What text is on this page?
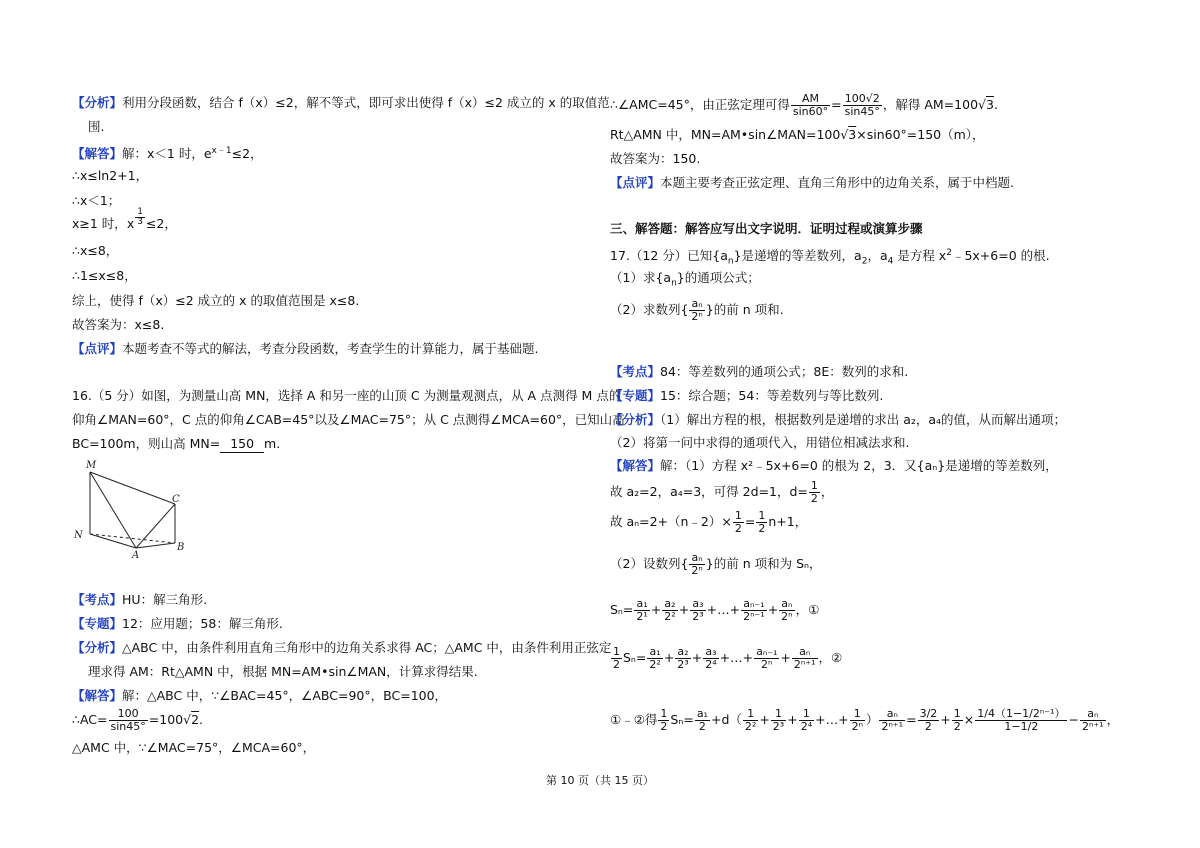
【分析】利用分段函数，结合 f（x）≤2，解不等式，即可求出使得 f（x）≤2 成立的 x 的取值范
围.
【解答】解：x＜1 时，$e^{x﹣1}\le 2$，
∴x≤ln2+1，
∴x＜1；
x≥1 时，x $\frac{1}{3} \le 2$，
∴x≤8，
∴1≤x≤8，
综上，使得 f（x）≤2 成立的 x 的取值范围是 x≤8.
故答案为：x≤8.
【点评】本题考查不等式的解法，考查分段函数，考查学生的计算能力，属于基础题.
16.（5 分）如图，为测量山高 MN，选择 A 和另一座的山顶 C 为测量观测点，从 A 点测得 M 点的
仰角∠MAN=60°，C 点的仰角∠CAB=45°以及∠MAC=75°；从 C 点测得∠MCA=60°，已知山高
BC=100m，则山高 MN= 150 m.
M
C
N
A
B
【考点】HU：解三角形.
【专题】12：应用题；58：解三角形.
【分析】△ABC 中，由条件利用直角三角形中的边角关系求得 AC；△AMC 中，由条件利用正弦定
理求得 AM：Rt△AMN 中，根据 MN=AM•sin∠MAN，计算求得结果.
【解答】解：△ABC 中，∵∠BAC=45°，∠ABC=90°，BC=100，
∴AC= $\frac{100}{\sin 45^\circ} =100√2$.
△AMC 中，∵∠MAC=75°，∠MCA=60°，
∴∠AMC=45°，由正弦定理可得 $\frac{AM}{\sin 60^\circ} = \frac{100√2}{\sin 45^\circ}$ ，解得 AM=100√3.
Rt△AMN 中，MN=AM•sin∠MAN=100√3×sin60°=150（m），
故答案为：150.
【点评】本题主要考查正弦定理、直角三角形中的边角关系，属于中档题.
三、解答题：解答应写出文字说明．证明过程或演算步骤
17.（12 分）已知$\{a_n\}$是递增的等差数列，$a_2$，$a_4$ 是方程 $x^2﹣5x+6=0$ 的根.
（1）求$\{a_n\}$的通项公式；
（2）求数列{ $\frac{\text{aₙ}}{\text{2ⁿ}}$ }的前 n 项和.
【考点】84：等差数列的通项公式；8E：数列的求和.
【专题】15：综合题；54：等差数列与等比数列.
【分析】（1）解出方程的根，根据数列是递增的求出 a₂，a₄的值，从而解出通项；
（2）将第一问中求得的通项代入，用错位相减法求和.
【解答】解：（1）方程 x²﹣5x+6=0 的根为 2，3．又{aₙ}是递增的等差数列，
故 a₂=2，a₄=3，可得 2d=1，$d= \frac{1}{2}$ ，
故 aₙ=2+（n﹣2）× $\frac{1}{2} = \frac{1}{2} n+1$，
（2）设数列{ $\frac{\text{aₙ}}{\text{2ⁿ}}$ }的前 n 项和为 Sₙ，
$S_n= \frac{\text{a₁}}{\text{2¹}} + \frac{\text{a₂}}{\text{2²}} + \frac{\text{a₃}}{\text{2³}}$ +…+ $\frac{\text{aₙ₋₁}}{\text{2ⁿ⁻¹}} + \frac{\text{aₙ}}{\text{2ⁿ}}$ ，①
$\frac{1}{2} S_n= \frac{\text{a₁}}{\text{2²}} + \frac{\text{a₂}}{\text{2³}} + \frac{\text{a₃}}{\text{2⁴}}$ +…+ $\frac{\text{aₙ₋₁}}{\text{2ⁿ}} + \frac{\text{aₙ}}{\text{2ⁿ⁺¹}}$ ，②
①﹣②得 $\frac{1}{2} S_n= \frac{\text{a₁}}{2} +d( \frac{1}{\text{2²}} + \frac{1}{\text{2³}} + \frac{1}{\text{2⁴}}$ +…+ $\frac{1}{\text{2ⁿ}}$ ） $\frac{\text{aₙ}}{\text{2ⁿ⁺¹}} = \frac{3/2}{2} + \frac{1}{2} \times \frac{\text{1/4（1−1/2ⁿ⁻¹）}}{1-1/2} - \frac{\text{aₙ}}{\text{2ⁿ⁺¹}}$ ，
第 10 页（共 15 页）
